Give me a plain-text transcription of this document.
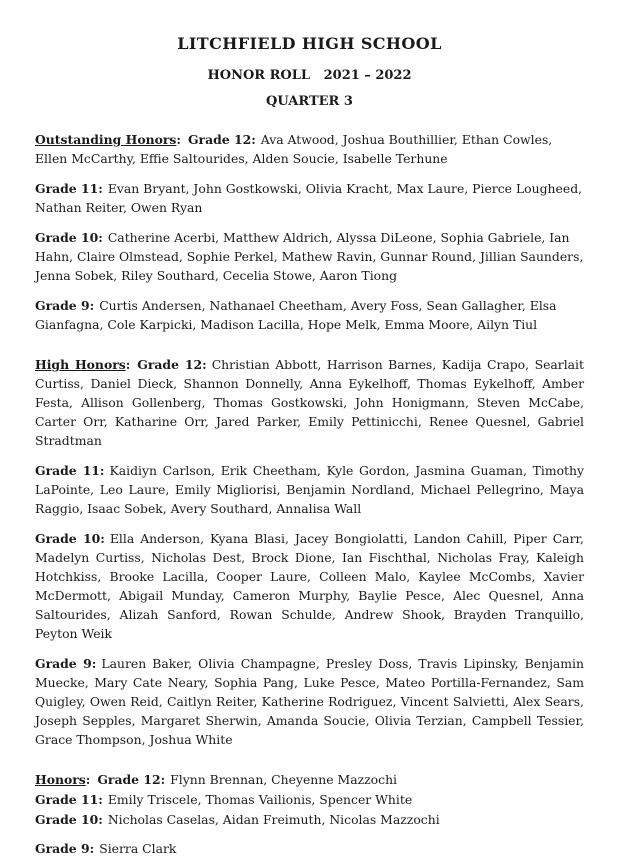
LITCHFIELD HIGH SCHOOL
HONOR ROLL   2021 – 2022
QUARTER 3

Outstanding Honors: Grade 12: Ava Atwood, Joshua Bouthillier, Ethan Cowles, Ellen McCarthy, Effie Saltourides, Alden Soucie, Isabelle Terhune

Grade 11: Evan Bryant, John Gostkowski, Olivia Kracht, Max Laure, Pierce Lougheed, Nathan Reiter, Owen Ryan

Grade 10: Catherine Acerbi, Matthew Aldrich, Alyssa DiLeone, Sophia Gabriele, Ian Hahn, Claire Olmstead, Sophie Perkel, Mathew Ravin, Gunnar Round, Jillian Saunders, Jenna Sobek, Riley Southard, Cecelia Stowe, Aaron Tiong

Grade 9: Curtis Andersen, Nathanael Cheetham, Avery Foss, Sean Gallagher, Elsa Gianfagna, Cole Karpicki, Madison Lacilla, Hope Melk, Emma Moore, Ailyn Tiul

High Honors: Grade 12: Christian Abbott, Harrison Barnes, Kadija Crapo, Searlait Curtiss, Daniel Dieck, Shannon Donnelly, Anna Eykelhoff, Thomas Eykelhoff, Amber Festa, Allison Gollenberg, Thomas Gostkowski, John Honigmann, Steven McCabe, Carter Orr, Katharine Orr, Jared Parker, Emily Pettinicchi, Renee Quesnel, Gabriel Stradtman

Grade 11: Kaidiyn Carlson, Erik Cheetham, Kyle Gordon, Jasmina Guaman, Timothy LaPointe, Leo Laure, Emily Migliorisi, Benjamin Nordland, Michael Pellegrino, Maya Raggio, Isaac Sobek, Avery Southard, Annalisa Wall

Grade 10: Ella Anderson, Kyana Blasi, Jacey Bongiolatti, Landon Cahill, Piper Carr, Madelyn Curtiss, Nicholas Dest, Brock Dione, Ian Fischthal, Nicholas Fray, Kaleigh Hotchkiss, Brooke Lacilla, Cooper Laure, Colleen Malo, Kaylee McCombs, Xavier McDermott, Abigail Munday, Cameron Murphy, Baylie Pesce, Alec Quesnel, Anna Saltourides, Alizah Sanford, Rowan Schulde, Andrew Shook, Brayden Tranquillo, Peyton Weik

Grade 9: Lauren Baker, Olivia Champagne, Presley Doss, Travis Lipinsky, Benjamin Muecke, Mary Cate Neary, Sophia Pang, Luke Pesce, Mateo Portilla-Fernandez, Sam Quigley, Owen Reid, Caitlyn Reiter, Katherine Rodriguez, Vincent Salvietti, Alex Sears, Joseph Sepples, Margaret Sherwin, Amanda Soucie, Olivia Terzian, Campbell Tessier, Grace Thompson, Joshua White

Honors: Grade 12: Flynn Brennan, Cheyenne Mazzochi

Grade 11: Emily Triscele, Thomas Vailionis, Spencer White

Grade 10: Nicholas Caselas, Aidan Freimuth, Nicolas Mazzochi

Grade 9: Sierra Clark
